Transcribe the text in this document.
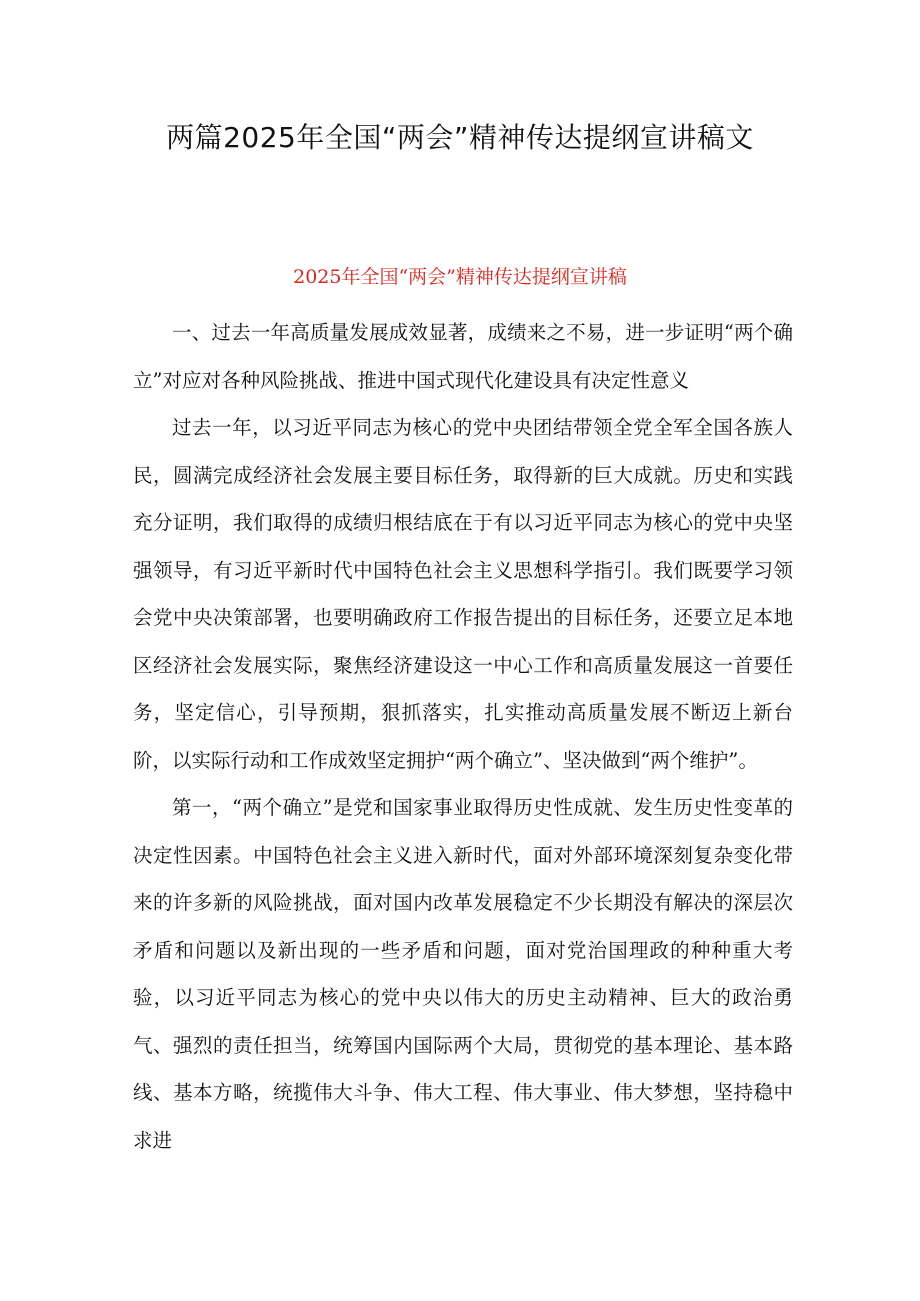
两篇2025年全国“两会”精神传达提纲宣讲稿文
2025年全国“两会”精神传达提纲宣讲稿

一、过去一年高质量发展成效显著，成绩来之不易，进一步证明“两个确立”对应对各种风险挑战、推进中国式现代化建设具有决定性意义

过去一年，以习近平同志为核心的党中央团结带领全党全军全国各族人民，圆满完成经济社会发展主要目标任务，取得新的巨大成就。历史和实践充分证明，我们取得的成绩归根结底在于有以习近平同志为核心的党中央坚强领导，有习近平新时代中国特色社会主义思想科学指引。我们既要学习领会党中央决策部署，也要明确政府工作报告提出的目标任务，还要立足本地区经济社会发展实际，聚焦经济建设这一中心工作和高质量发展这一首要任务，坚定信心，引导预期，狠抓落实，扎实推动高质量发展不断迈上新台阶，以实际行动和工作成效坚定拥护“两个确立”、坚决做到“两个维护”。

第一，“两个确立”是党和国家事业取得历史性成就、发生历史性变革的决定性因素。中国特色社会主义进入新时代，面对外部环境深刻复杂变化带来的许多新的风险挑战，面对国内改革发展稳定不少长期没有解决的深层次矛盾和问题以及新出现的一些矛盾和问题，面对党治国理政的种种重大考验，以习近平同志为核心的党中央以伟大的历史主动精神、巨大的政治勇气、强烈的责任担当，统筹国内国际两个大局，贯彻党的基本理论、基本路线、基本方略，统揽伟大斗争、伟大工程、伟大事业、伟大梦想，坚持稳中求进
